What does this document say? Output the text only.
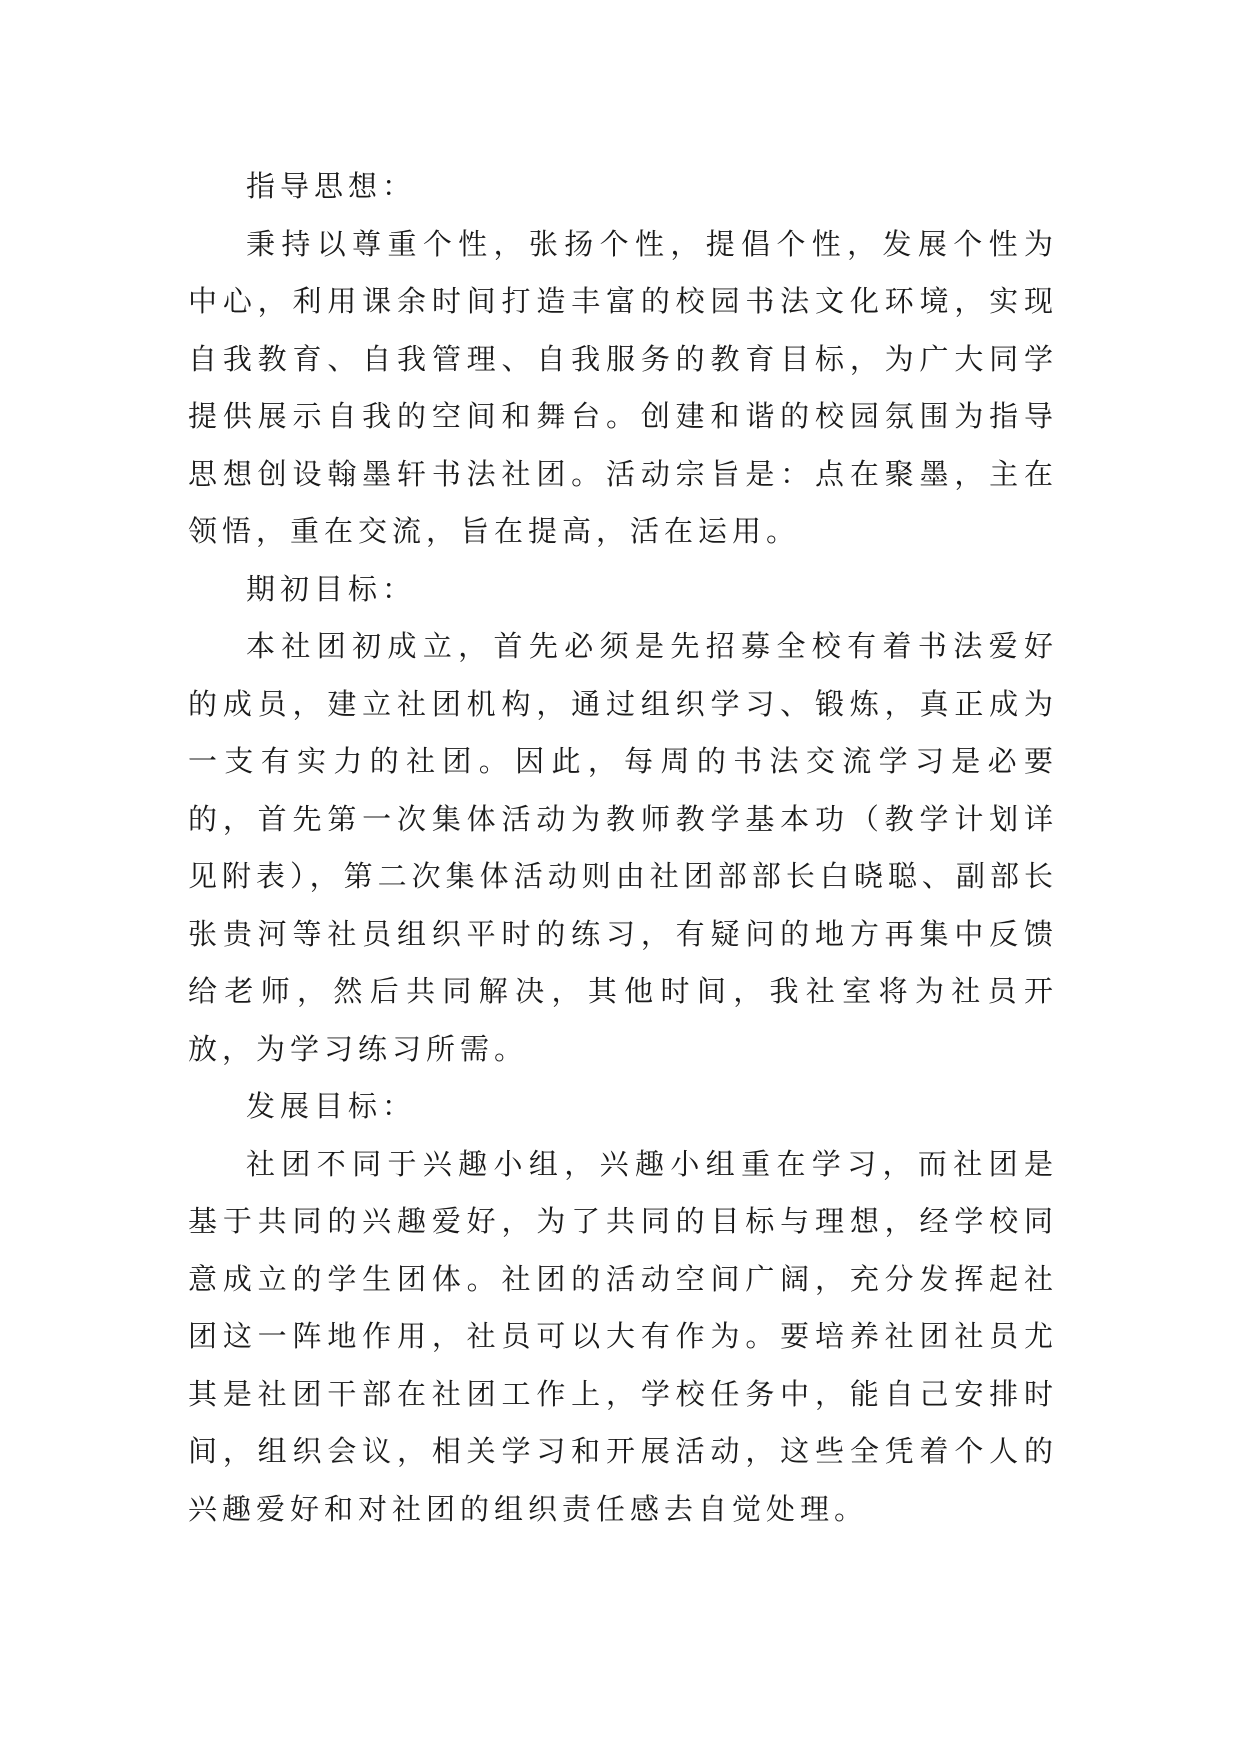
指导思想：

秉持以尊重个性，张扬个性，提倡个性，发展个性为中心，利用课余时间打造丰富的校园书法文化环境，实现自我教育、自我管理、自我服务的教育目标，为广大同学提供展示自我的空间和舞台。创建和谐的校园氛围为指导思想创设翰墨轩书法社团。活动宗旨是：点在聚墨，主在领悟，重在交流，旨在提高，活在运用。

期初目标：

本社团初成立，首先必须是先招募全校有着书法爱好的成员，建立社团机构，通过组织学习、锻炼，真正成为一支有实力的社团。因此，每周的书法交流学习是必要的，首先第一次集体活动为教师教学基本功（教学计划详见附表），第二次集体活动则由社团部部长白晓聪、副部长张贵河等社员组织平时的练习，有疑问的地方再集中反馈给老师，然后共同解决，其他时间，我社室将为社员开放，为学习练习所需。

发展目标：

社团不同于兴趣小组，兴趣小组重在学习，而社团是基于共同的兴趣爱好，为了共同的目标与理想，经学校同意成立的学生团体。社团的活动空间广阔，充分发挥起社团这一阵地作用，社员可以大有作为。要培养社团社员尤其是社团干部在社团工作上，学校任务中，能自己安排时间，组织会议，相关学习和开展活动，这些全凭着个人的兴趣爱好和对社团的组织责任感去自觉处理。
